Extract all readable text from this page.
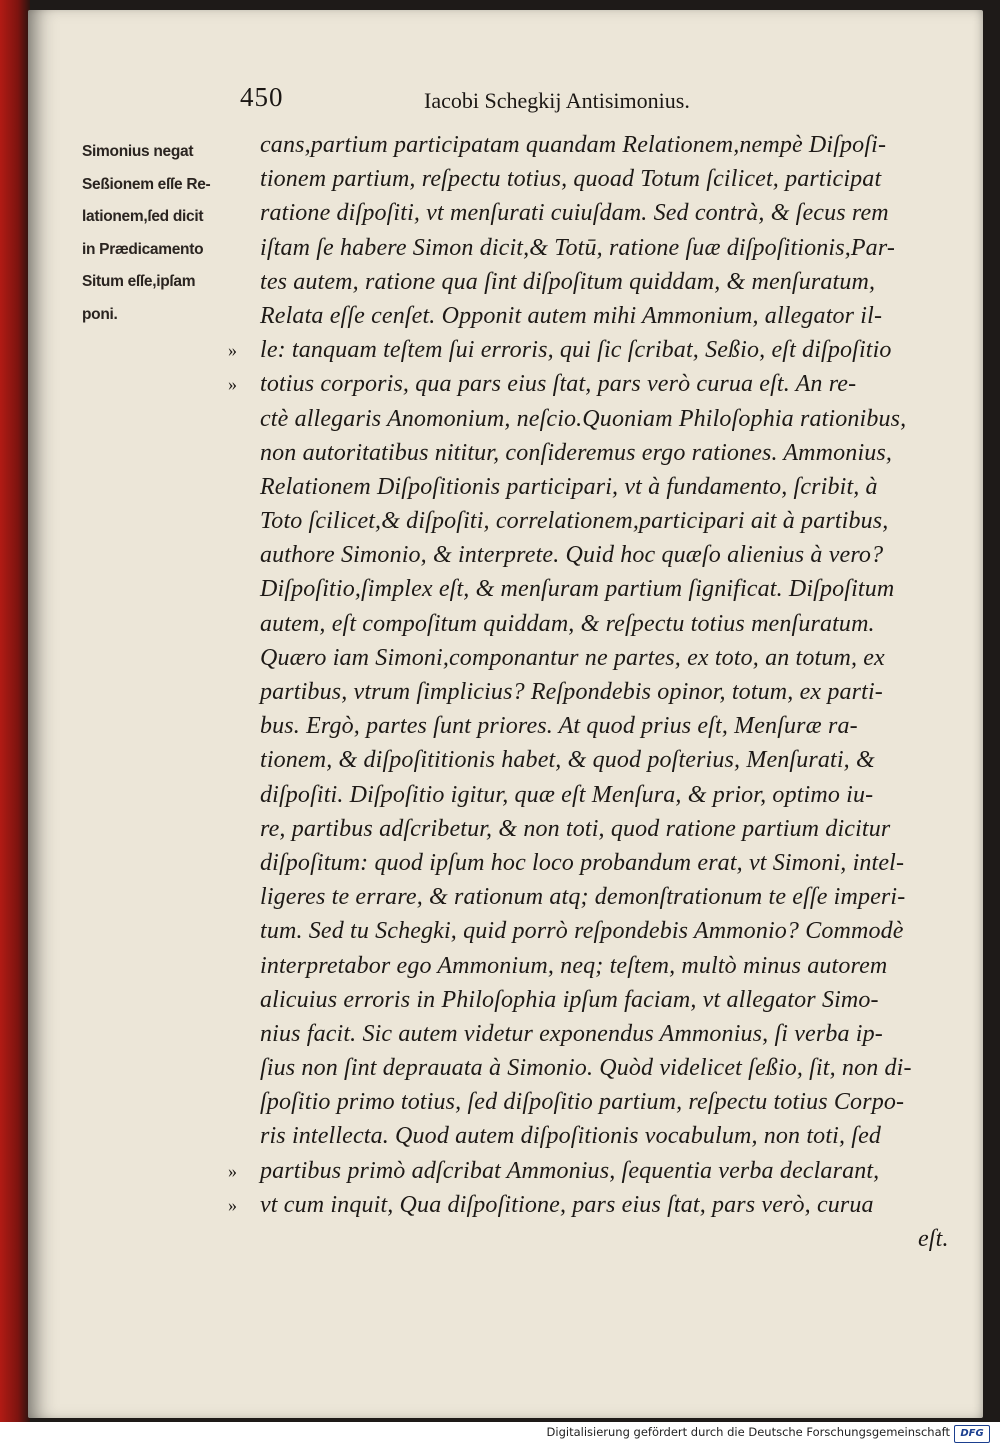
450	Iacobi Schegkij Antisimonius.
Simonius negat
Seßionem eſſe Re-
lationem,ſed dicit
in Prædicamento
Situm eſſe,ipſam
poni.
cans,partium participatam quandam Relationem,nempè Diſpoſi-
tionem partium, reſpectu totius, quoad Totum ſcilicet, participat
ratione diſpoſiti, vt menſurati cuiuſdam. Sed contrà, & ſecus rem
iſtam ſe habere Simon dicit,& Totū, ratione ſuæ diſpoſitionis,Par-
tes autem, ratione qua ſint diſpoſitum quiddam, & menſuratum,
Relata eſſe cenſet. Opponit autem mihi Ammonium, allegator il-
» le: tanquam teſtem ſui erroris, qui ſic ſcribat, Seßio, eſt diſpoſitio
» totius corporis, qua pars eius ſtat, pars verò curua eſt. An re-
ctè allegaris Anomonium, neſcio.Quoniam Philoſophia rationibus,
non autoritatibus nititur, conſideremus ergo rationes. Ammonius,
Relationem Diſpoſitionis participari, vt à fundamento, ſcribit, à
Toto ſcilicet,& diſpoſiti, correlationem,participari ait à partibus,
authore Simonio, & interprete. Quid hoc quæſo alienius à vero?
Diſpoſitio,ſimplex eſt, & menſuram partium ſignificat. Diſpoſitum
autem, eſt compoſitum quiddam, & reſpectu totius menſuratum.
Quæro iam Simoni,componantur ne partes, ex toto, an totum, ex
partibus, vtrum ſimplicius? Reſpondebis opinor, totum, ex parti-
bus. Ergò, partes ſunt priores. At quod prius eſt, Menſuræ ra-
tionem, & diſpoſititionis habet, & quod poſterius, Menſurati, &
diſpoſiti. Diſpoſitio igitur, quæ eſt Menſura, & prior, optimo iu-
re, partibus adſcribetur, & non toti, quod ratione partium dicitur
diſpoſitum: quod ipſum hoc loco probandum erat, vt Simoni, intel-
ligeres te errare, & rationum atq; demonſtrationum te eſſe imperi-
tum. Sed tu Schegki, quid porrò reſpondebis Ammonio? Commodè
interpretabor ego Ammonium, neq; teſtem, multò minus autorem
alicuius erroris in Philoſophia ipſum faciam, vt allegator Simo-
nius facit. Sic autem videtur exponendus Ammonius, ſi verba ip-
ſius non ſint deprauata à Simonio. Quòd videlicet ſeßio, ſit, non di-
ſpoſitio primo totius, ſed diſpoſitio partium, reſpectu totius Corpo-
ris intellecta. Quod autem diſpoſitionis vocabulum, non toti, ſed
» partibus primò adſcribat Ammonius, ſequentia verba declarant,
» vt cum inquit, Qua diſpoſitione, pars eius ſtat, pars verò, curua
eſt.
Digitalisierung gefördert durch die Deutsche Forschungsgemeinschaft	DFG
